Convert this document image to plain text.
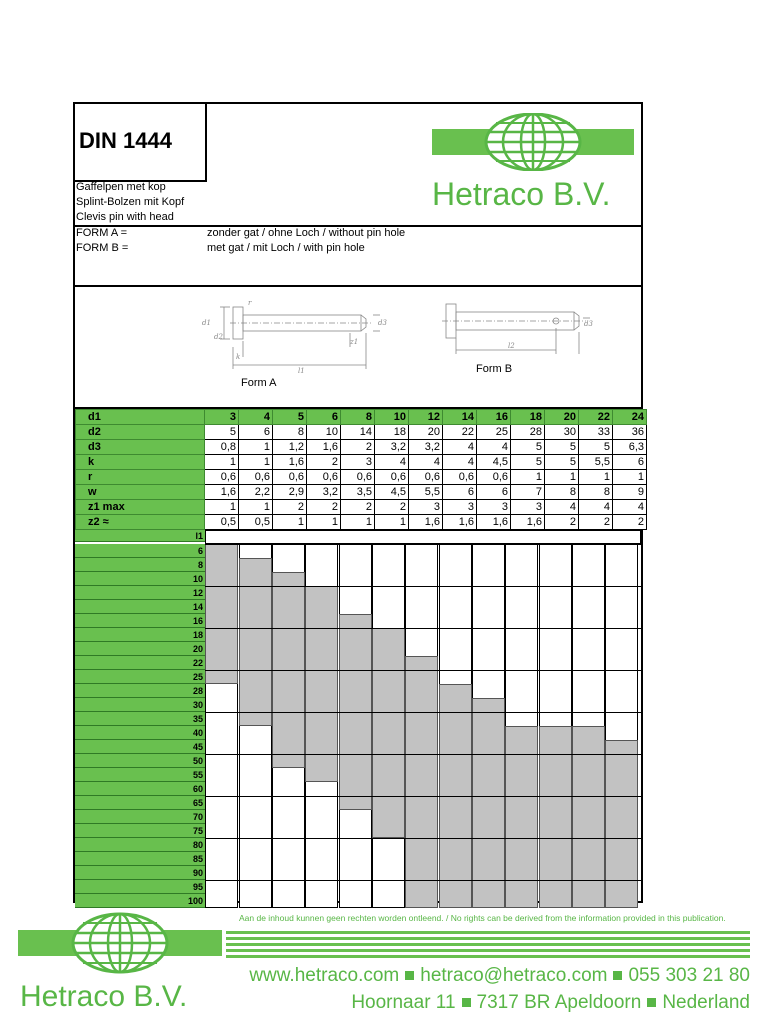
DIN 1444
Gaffelpen met kop
Splint-Bolzen mit Kopf
Clevis pin with head
FORM A =	zonder gat / ohne Loch / without pin hole
FORM B =	met gat / mit Loch / with pin hole
Hetraco B.V.
d1
d2
l1
k
d3
z1
r
Form A
l2
d3
Form B
d1	3	4	5	6	8	10	12	14	16	18	20	22	24
d2	5	6	8	10	14	18	20	22	25	28	30	33	36
d3	0,8	1	1,2	1,6	2	3,2	3,2	4	4	5	5	5	6,3
k	1	1	1,6	2	3	4	4	4	4,5	5	5	5,5	6
r	0,6	0,6	0,6	0,6	0,6	0,6	0,6	0,6	0,6	1	1	1	1
w	1,6	2,2	2,9	3,2	3,5	4,5	5,5	6	6	7	8	8	9
z1 max	1	1	2	2	2	2	3	3	3	3	4	4	4
z2 ≈	0,5	0,5	1	1	1	1	1,6	1,6	1,6	1,6	2	2	2
l1
6
8
10
12
14
16
18
20
22
25
28
30
35
40
45
50
55
60
65
70
75
80
85
90
95
100
Aan de inhoud kunnen geen rechten worden ontleend. / No rights can be derived from the information provided in this publication.
Hetraco B.V.
www.hetraco.com hetraco@hetraco.com 055 303 21 80
Hoornaar 11 7317 BR Apeldoorn Nederland
